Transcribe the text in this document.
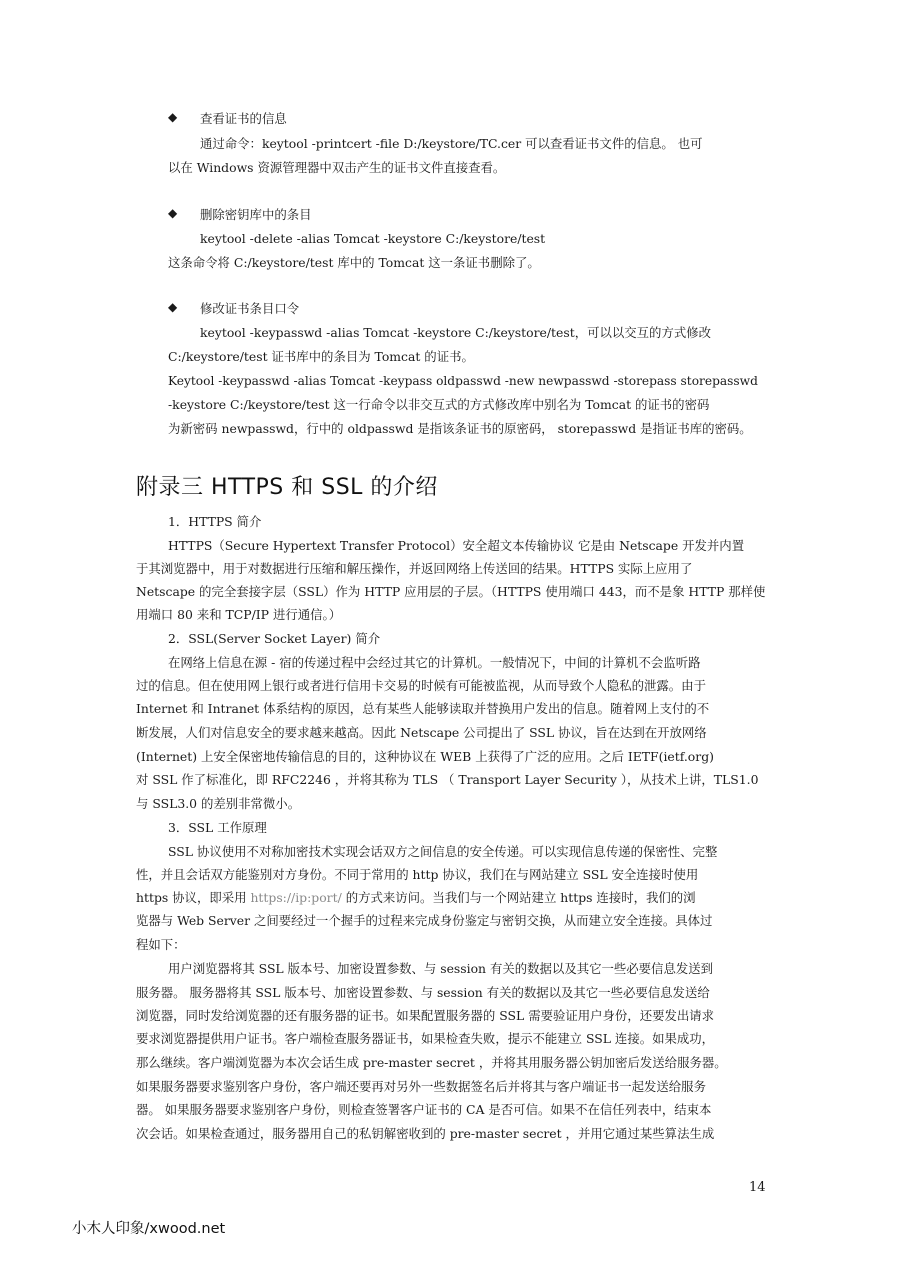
◆ 查看证书的信息
通过命令：keytool -printcert -file D:/keystore/TC.cer 可以查看证书文件的信息。 也可
以在 Windows 资源管理器中双击产生的证书文件直接查看。
◆ 删除密钥库中的条目
keytool -delete -alias Tomcat -keystore C:/keystore/test
这条命令将 C:/keystore/test 库中的 Tomcat 这一条证书删除了。
◆ 修改证书条目口令
keytool -keypasswd -alias Tomcat -keystore C:/keystore/test，可以以交互的方式修改
C:/keystore/test 证书库中的条目为 Tomcat 的证书。
Keytool -keypasswd -alias Tomcat -keypass oldpasswd -new newpasswd -storepass storepasswd
-keystore C:/keystore/test 这一行命令以非交互式的方式修改库中别名为 Tomcat 的证书的密码
为新密码 newpasswd，行中的 oldpasswd 是指该条证书的原密码， storepasswd 是指证书库的密码。
附录三 HTTPS 和 SSL 的介绍
1．HTTPS 简介
HTTPS（Secure Hypertext Transfer Protocol）安全超文本传输协议 它是由 Netscape 开发并内置
于其浏览器中，用于对数据进行压缩和解压操作，并返回网络上传送回的结果。HTTPS 实际上应用了
Netscape 的完全套接字层（SSL）作为 HTTP 应用层的子层。（HTTPS 使用端口 443，而不是象 HTTP 那样使
用端口 80 来和 TCP/IP 进行通信。）
2．SSL(Server Socket Layer) 简介
在网络上信息在源 - 宿的传递过程中会经过其它的计算机。一般情况下，中间的计算机不会监听路
过的信息。但在使用网上银行或者进行信用卡交易的时候有可能被监视，从而导致个人隐私的泄露。由于
Internet 和 Intranet 体系结构的原因，总有某些人能够读取并替换用户发出的信息。随着网上支付的不
断发展，人们对信息安全的要求越来越高。因此 Netscape 公司提出了 SSL 协议，旨在达到在开放网络
(Internet) 上安全保密地传输信息的目的，这种协议在 WEB 上获得了广泛的应用。之后 IETF(ietf.org)
对 SSL 作了标准化，即 RFC2246 ，并将其称为 TLS （ Transport Layer Security ），从技术上讲，TLS1.0
与 SSL3.0 的差别非常微小。
3．SSL 工作原理
SSL 协议使用不对称加密技术实现会话双方之间信息的安全传递。可以实现信息传递的保密性、完整
性，并且会话双方能鉴别对方身份。不同于常用的 http 协议，我们在与网站建立 SSL 安全连接时使用
https 协议，即采用 https://ip:port/ 的方式来访问。当我们与一个网站建立 https 连接时，我们的浏
览器与 Web Server 之间要经过一个握手的过程来完成身份鉴定与密钥交换，从而建立安全连接。具体过
程如下：
用户浏览器将其 SSL 版本号、加密设置参数、与 session 有关的数据以及其它一些必要信息发送到
服务器。 服务器将其 SSL 版本号、加密设置参数、与 session 有关的数据以及其它一些必要信息发送给
浏览器，同时发给浏览器的还有服务器的证书。如果配置服务器的 SSL 需要验证用户身份，还要发出请求
要求浏览器提供用户证书。客户端检查服务器证书，如果检查失败，提示不能建立 SSL 连接。如果成功，
那么继续。客户端浏览器为本次会话生成 pre-master secret ，并将其用服务器公钥加密后发送给服务器。
如果服务器要求鉴别客户身份，客户端还要再对另外一些数据签名后并将其与客户端证书一起发送给服务
器。 如果服务器要求鉴别客户身份，则检查签署客户证书的 CA 是否可信。如果不在信任列表中，结束本
次会话。如果检查通过，服务器用自己的私钥解密收到的 pre-master secret ，并用它通过某些算法生成
14
小木人印象/xwood.net
